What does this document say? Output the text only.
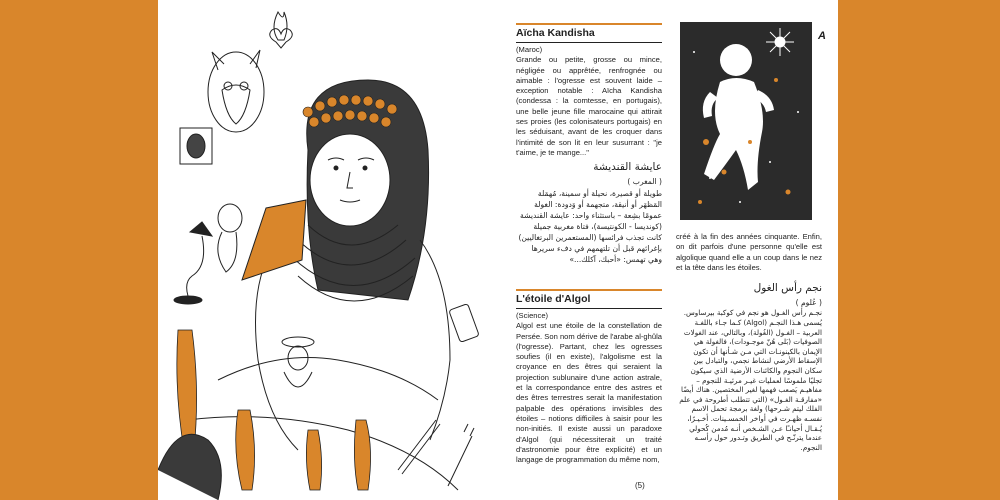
A

Aïcha Kandisha

(Maroc)

Grande ou petite, grosse ou mince, négligée ou apprêtée, renfrognée ou aimable : l'ogresse est souvent laide – exception notable : Aïcha Kandisha (condessa : la comtesse, en portugais), une belle jeune fille marocaine qui attirait ses proies (les colonisateurs portugais) en les séduisant, avant de les croquer dans l'intimité de son lit en leur susurrant : "je t'aime, je te mange..."

عايشة القنديشة

( المغرب )

طويلة أو قصيرة، نحيلة أو سمينة، مُهمَلة المَظهَر أو أنيقة، متجهمة أو وَدودة: الغولة عمومًا بشِعة – باستثناء واحد: عايشة القنديشة (كونديسا - الكونتيسة)، فتاة مغربية جميلة كانت تجذب فرائسها (المستعمرين البرتغاليين) بإغرائهم قبل أن تلتهمهم في دفء سريرها وهي تهمس: «أحبك، آكلك...»

L'étoile d'Algol

(Science)

Algol est une étoile de la constellation de Persée. Son nom dérive de l'arabe al-ghûla (l'ogresse). Partant, chez les ogresses soufies (il en existe), l'algolisme est la croyance en des êtres qui seraient la projection sublunaire d'une action astrale, et la correspondance entre des astres et des êtres terrestres serait la manifestation palpable des opérations invisibles des étoiles – notions difficiles à saisir pour les non-initiés. Il existe aussi un paradoxe d'Algol (qui nécessiterait un traité d'astronomie pour être explicité) et un langage de programmation du même nom,

créé à la fin des années cinquante. Enfin, on dit parfois d'une personne qu'elle est algolique quand elle a un coup dans le nez et la tête dans les étoiles.

نجم رأس الغول

( عُلوم )

نجـم رأس الغـول هو نجم في كوكبة بيرساوس. يُسمى هـذا النجـم (Algol) كـما جـاء باللغـة العربية – الغـول (الغُولة)، وبالتالي، عند الغولات الصوفيات (بَلى هُنّ موجـودات)، فالغولة هي الإيمان بالكينونـات التي مـن شـأنها أن تكون الإسقاط الأرضي لنشاط نجمي، والتبادل بين سكان النجوم والكائنات الأرضية الذي سيكون تجليًا ملموسًا لعمليات غيـر مرئيـة للنجوم – مفاهيـم يَصعب فهمها لغير المختصين. هناك أيضًا «مفارقـة الغـول» (التي تتطلب أطروحة في علم الفلك ليتم شـرحها) ولغة برمجة تحمل الاسم نفسـه ظهـرت في أواخر الخمسـينات. أخـيـرًا، يُـقـال أحيانـًا عـن الشـخص أنـه مُدمن كُحولي عندما يترنّـح في الطريق وتـدور حول رأسـه النجوم.

(5)
